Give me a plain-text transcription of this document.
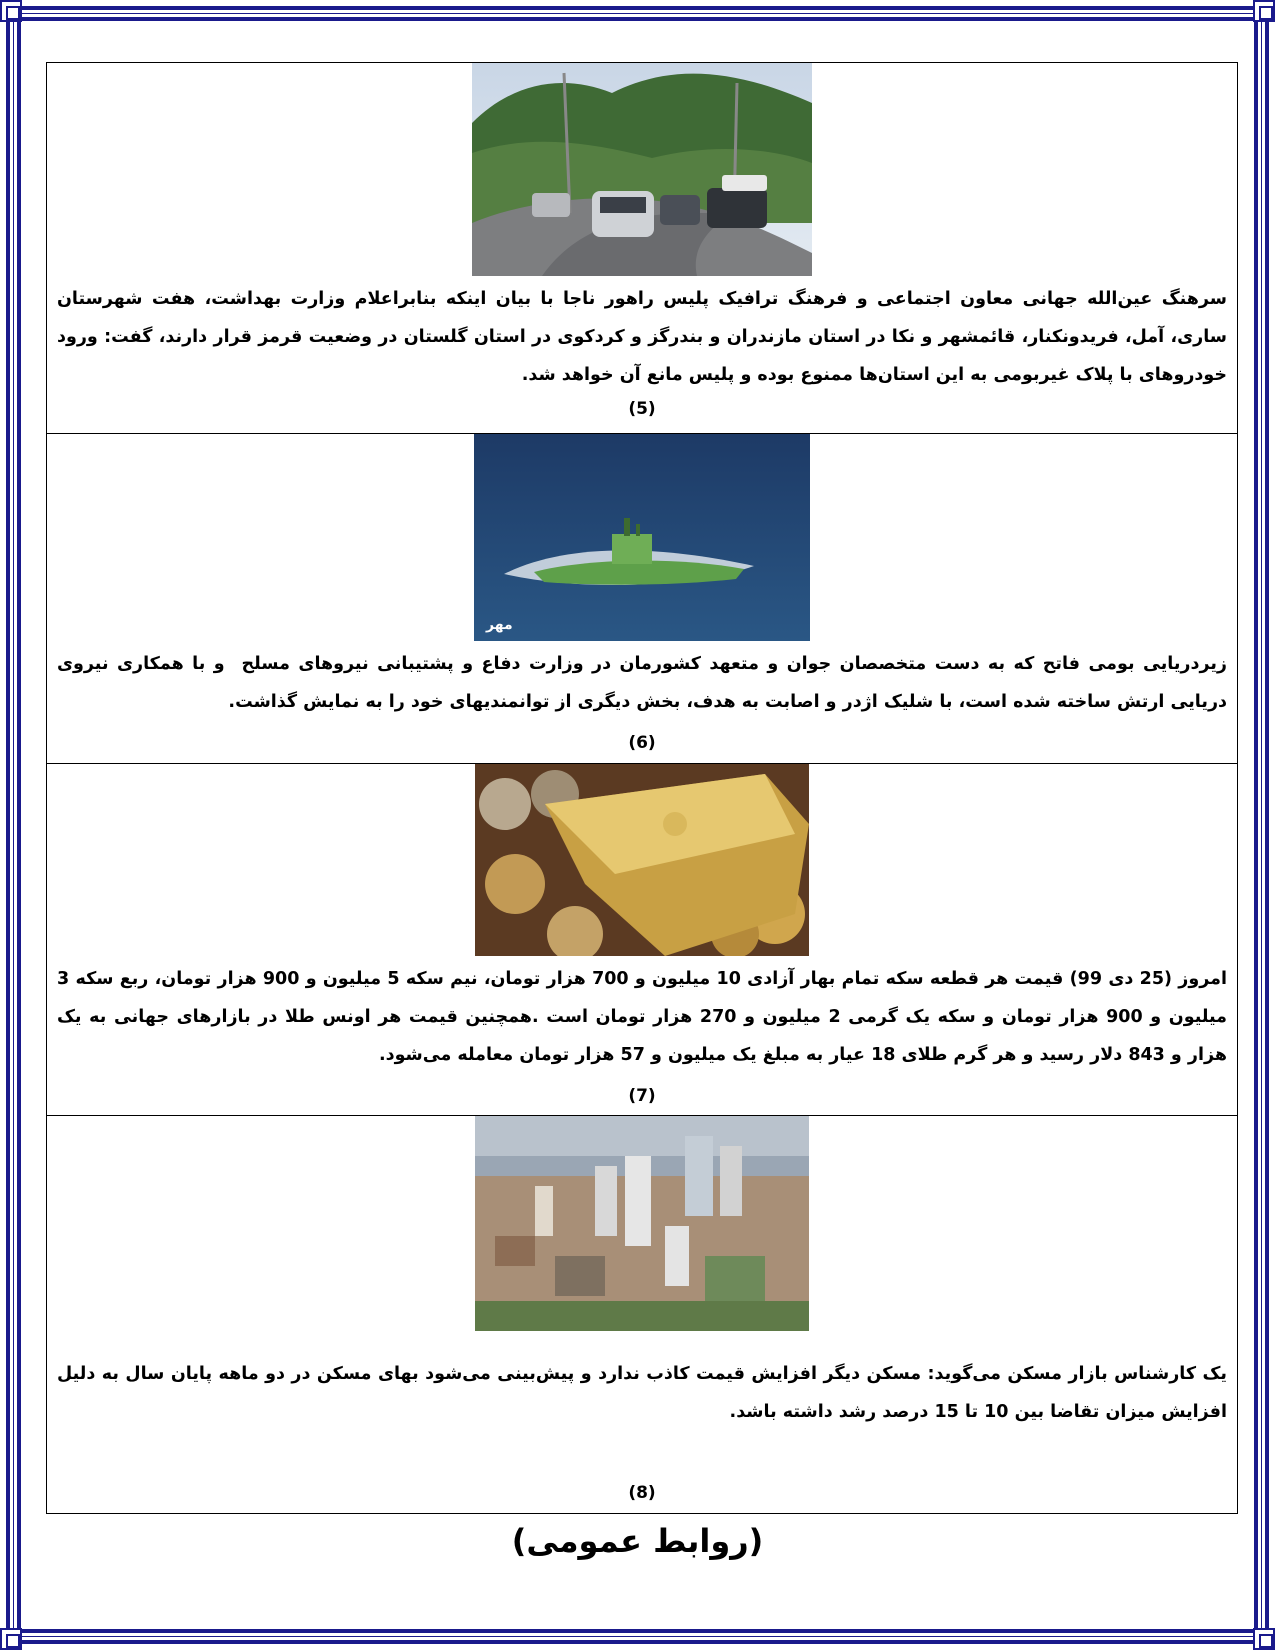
سرهنگ عین‌الله جهانی معاون اجتماعی و فرهنگ ترافیک پلیس راهور ناجا با بیان اینکه بنابراعلام وزارت بهداشت، هفت شهرستان ساری، آمل، فریدونکنار، قائمشهر و نکا در استان مازندران و بندرگز و کردکوی در استان گلستان در وضعیت قرمز قرار دارند، گفت: ورود خودروهای با پلاک غیربومی به این استان‌ها ممنوع بوده و پلیس مانع آن خواهد شد.
(5)
مهر
زیردریایی بومی فاتح که به دست متخصصان جوان و متعهد کشورمان در وزارت دفاع و پشتیبانی نیروهای مسلح  و با همکاری نیروی دریایی ارتش ساخته شده است، با شلیک اژدر و اصابت به هدف، بخش دیگری از توانمندیهای خود را به نمایش گذاشت.
(6)
امروز (25 دی 99) قیمت هر قطعه سکه تمام بهار آزادی 10 میلیون و 700 هزار تومان، نیم سکه 5 میلیون و 900 هزار تومان، ربع سکه 3 میلیون و 900 هزار تومان و سکه یک گرمی 2 میلیون و 270 هزار تومان است .همچنین قیمت هر اونس طلا در بازارهای جهانی به یک هزار و 843 دلار رسید و هر گرم طلای 18 عیار به مبلغ یک میلیون و 57 هزار تومان معامله می‌شود.
(7)
یک کارشناس بازار مسکن می‌گوید: مسکن دیگر افزایش قیمت کاذب ندارد و پیش‌بینی می‌شود بهای مسکن در دو ماهه پایان سال به دلیل افزایش میزان تقاضا بین 10 تا 15 درصد رشد داشته باشد.
(8)
(روابط عمومی)
